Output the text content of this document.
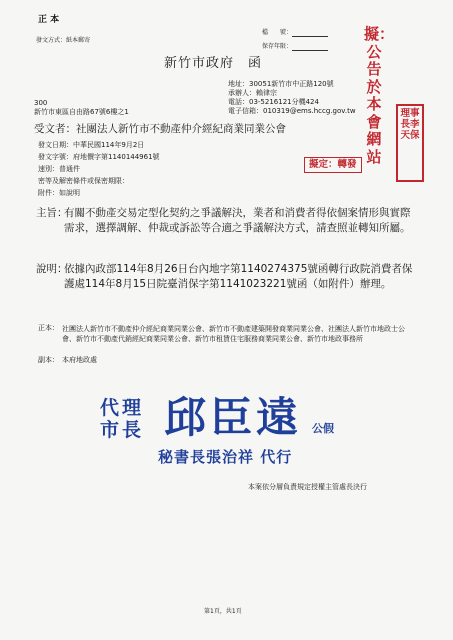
正 本
發文方式：紙本郵寄
檔　　號：
保存年限：
擬：公告於本會網站
理事長李天保
新竹市政府　函
地址：30051新竹市中正路120號
承辦人：賴律宗
電話：03-5216121分機424
電子信箱：010319@ems.hccg.gov.tw
300
新竹市東區自由路67號6樓之1
受文者：社團法人新竹市不動產仲介經紀商業同業公會
發文日期：中華民國114年9月2日
發文字號：府地價字第1140144961號
速別：普通件
密等及解密條件或保密期限：
附件：如說明
擬定：轉發
主旨：
有關不動產交易定型化契約之爭議解決，業者和消費者得依個案情形與實際需求，選擇調解、仲裁或訴訟等合適之爭議解決方式，請查照並轉知所屬。
說明：
依據內政部114年8月26日台內地字第1140274375號函轉行政院消費者保護處114年8月15日院臺消保字第1141023221號函（如附件）辦理。
正本： 社團法人新竹市不動產仲介經紀商業同業公會、新竹市不動產建築開發商業同業公會、社團法人新竹市地政士公會、新竹市不動產代銷經紀商業同業公會、新竹市租賃住宅服務商業同業公會、新竹市地政事務所
副本： 本府地政處
代理
市長 邱臣遠 公假
秘書長張治祥 代行
本案依分層負責規定授權主管處長決行
第1頁，共1頁
